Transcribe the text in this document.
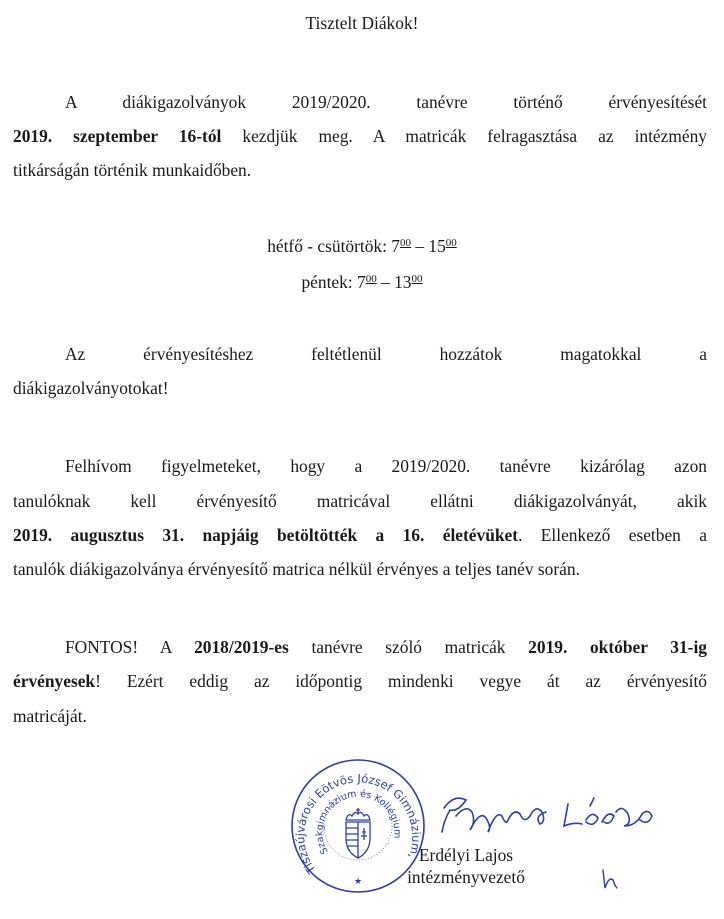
Tisztelt Diákok!
A diákigazolványok 2019/2020. tanévre történő érvényesítését
2019. szeptember 16-tól kezdjük meg. A matricák felragasztása az intézmény
titkárságán történik munkaidőben.
hétfő - csütörtök: $7^{00} - 15^{00}$
péntek: $7^{00} - 13^{00}$
Az érvényesítéshez feltétlenül hozzátok magatokkal a
diákigazolványotokat!
Felhívom figyelmeteket, hogy a 2019/2020. tanévre kizárólag azon
tanulóknak kell érvényesítő matricával ellátni diákigazolványát, akik
2019. augusztus 31. napjáig betöltötték a 16. életévüket. Ellenkező esetben a
tanulók diákigazolványa érvényesítő matrica nélkül érvényes a teljes tanév során.
FONTOS! A 2018/2019-es tanévre szóló matricák 2019. október 31-ig
érvényesek! Ezért eddig az időpontig mindenki vegye át az érvényesítő
matricáját.
Tiszaújvárosi Eötvös József Gimnázium,
Szakgimnázium és Kollégium
★
Erdélyi Lajos
intézményvezető
